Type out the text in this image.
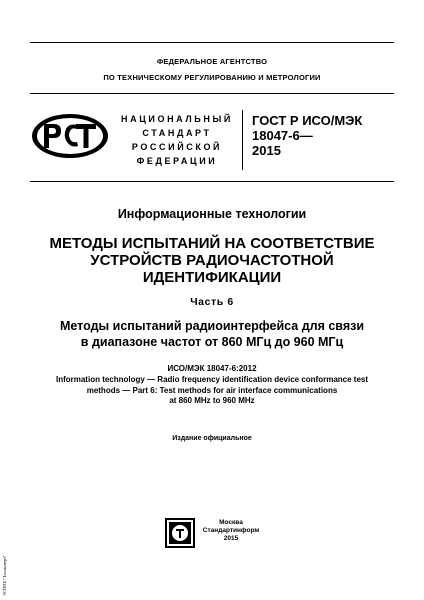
ФЕДЕРАЛЬНОЕ АГЕНТСТВО
ПО ТЕХНИЧЕСКОМУ РЕГУЛИРОВАНИЮ И МЕТРОЛОГИИ
НАЦИОНАЛЬНЫЙ
СТАНДАРТ
РОССИЙСКОЙ
ФЕДЕРАЦИИ
ГОСТ Р ИСО/МЭК
18047-6—
2015
Информационные технологии
МЕТОДЫ ИСПЫТАНИЙ НА СООТВЕТСТВИЕ
УСТРОЙСТВ РАДИОЧАСТОТНОЙ
ИДЕНТИФИКАЦИИ
Часть 6
Методы испытаний радиоинтерфейса для связи
в диапазоне частот от 860 МГц до 960 МГц
ИСО/МЭК 18047-6:2012
Information technology — Radio frequency identification device conformance test
methods — Part 6: Test methods for air interface communications
at 860 MHz to 960 MHz
Издание официальное
Москва
Стандартинформ
2015
ЭСНПБ "Техэксперт"
